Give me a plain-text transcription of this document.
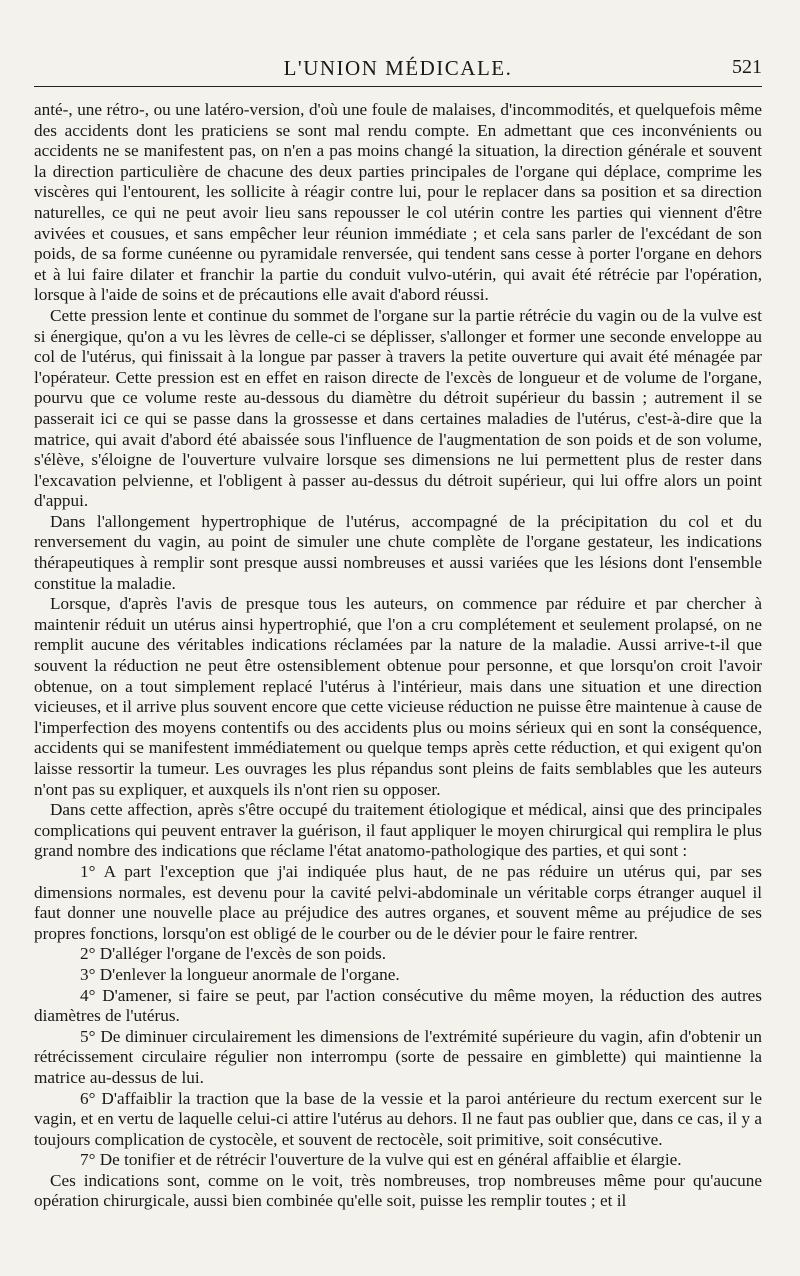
L'UNION MÉDICALE.	521

anté-, une rétro-, ou une latéro-version, d'où une foule de malaises, d'incommodités, et quelquefois même des accidents dont les praticiens se sont mal rendu compte. En admettant que ces inconvénients ou accidents ne se manifestent pas, on n'en a pas moins changé la situation, la direction générale et souvent la direction particulière de chacune des deux parties principales de l'organe qui déplace, comprime les viscères qui l'entourent, les sollicite à réagir contre lui, pour le replacer dans sa position et sa direction naturelles, ce qui ne peut avoir lieu sans repousser le col utérin contre les parties qui viennent d'être avivées et cousues, et sans empêcher leur réunion immédiate ; et cela sans parler de l'excédant de son poids, de sa forme cunéenne ou pyramidale renversée, qui tendent sans cesse à porter l'organe en dehors et à lui faire dilater et franchir la partie du conduit vulvo-utérin, qui avait été rétrécie par l'opération, lorsque à l'aide de soins et de précautions elle avait d'abord réussi.

Cette pression lente et continue du sommet de l'organe sur la partie rétrécie du vagin ou de la vulve est si énergique, qu'on a vu les lèvres de celle-ci se déplisser, s'allonger et former une seconde enveloppe au col de l'utérus, qui finissait à la longue par passer à travers la petite ouverture qui avait été ménagée par l'opérateur. Cette pression est en effet en raison directe de l'excès de longueur et de volume de l'organe, pourvu que ce volume reste au-dessous du diamètre du détroit supérieur du bassin ; autrement il se passerait ici ce qui se passe dans la grossesse et dans certaines maladies de l'utérus, c'est-à-dire que la matrice, qui avait d'abord été abaissée sous l'influence de l'augmentation de son poids et de son volume, s'élève, s'éloigne de l'ouverture vulvaire lorsque ses dimensions ne lui permettent plus de rester dans l'excavation pelvienne, et l'obligent à passer au-dessus du détroit supérieur, qui lui offre alors un point d'appui.

Dans l'allongement hypertrophique de l'utérus, accompagné de la précipitation du col et du renversement du vagin, au point de simuler une chute complète de l'organe gestateur, les indications thérapeutiques à remplir sont presque aussi nombreuses et aussi variées que les lésions dont l'ensemble constitue la maladie.

Lorsque, d'après l'avis de presque tous les auteurs, on commence par réduire et par chercher à maintenir réduit un utérus ainsi hypertrophié, que l'on a cru complétement et seulement prolapsé, on ne remplit aucune des véritables indications réclamées par la nature de la maladie. Aussi arrive-t-il que souvent la réduction ne peut être ostensiblement obtenue pour personne, et que lorsqu'on croit l'avoir obtenue, on a tout simplement replacé l'utérus à l'intérieur, mais dans une situation et une direction vicieuses, et il arrive plus souvent encore que cette vicieuse réduction ne puisse être maintenue à cause de l'imperfection des moyens contentifs ou des accidents plus ou moins sérieux qui en sont la conséquence, accidents qui se manifestent immédiatement ou quelque temps après cette réduction, et qui exigent qu'on laisse ressortir la tumeur. Les ouvrages les plus répandus sont pleins de faits semblables que les auteurs n'ont pas su expliquer, et auxquels ils n'ont rien su opposer.

Dans cette affection, après s'être occupé du traitement étiologique et médical, ainsi que des principales complications qui peuvent entraver la guérison, il faut appliquer le moyen chirurgical qui remplira le plus grand nombre des indications que réclame l'état anatomo-pathologique des parties, et qui sont :

1° A part l'exception que j'ai indiquée plus haut, de ne pas réduire un utérus qui, par ses dimensions normales, est devenu pour la cavité pelvi-abdominale un véritable corps étranger auquel il faut donner une nouvelle place au préjudice des autres organes, et souvent même au préjudice de ses propres fonctions, lorsqu'on est obligé de le courber ou de le dévier pour le faire rentrer.

2° D'alléger l'organe de l'excès de son poids.

3° D'enlever la longueur anormale de l'organe.

4° D'amener, si faire se peut, par l'action consécutive du même moyen, la réduction des autres diamètres de l'utérus.

5° De diminuer circulairement les dimensions de l'extrémité supérieure du vagin, afin d'obtenir un rétrécissement circulaire régulier non interrompu (sorte de pessaire en gimblette) qui maintienne la matrice au-dessus de lui.

6° D'affaiblir la traction que la base de la vessie et la paroi antérieure du rectum exercent sur le vagin, et en vertu de laquelle celui-ci attire l'utérus au dehors. Il ne faut pas oublier que, dans ce cas, il y a toujours complication de cystocèle, et souvent de rectocèle, soit primitive, soit consécutive.

7° De tonifier et de rétrécir l'ouverture de la vulve qui est en général affaiblie et élargie.

Ces indications sont, comme on le voit, très nombreuses, trop nombreuses même pour qu'aucune opération chirurgicale, aussi bien combinée qu'elle soit, puisse les remplir toutes ; et il
